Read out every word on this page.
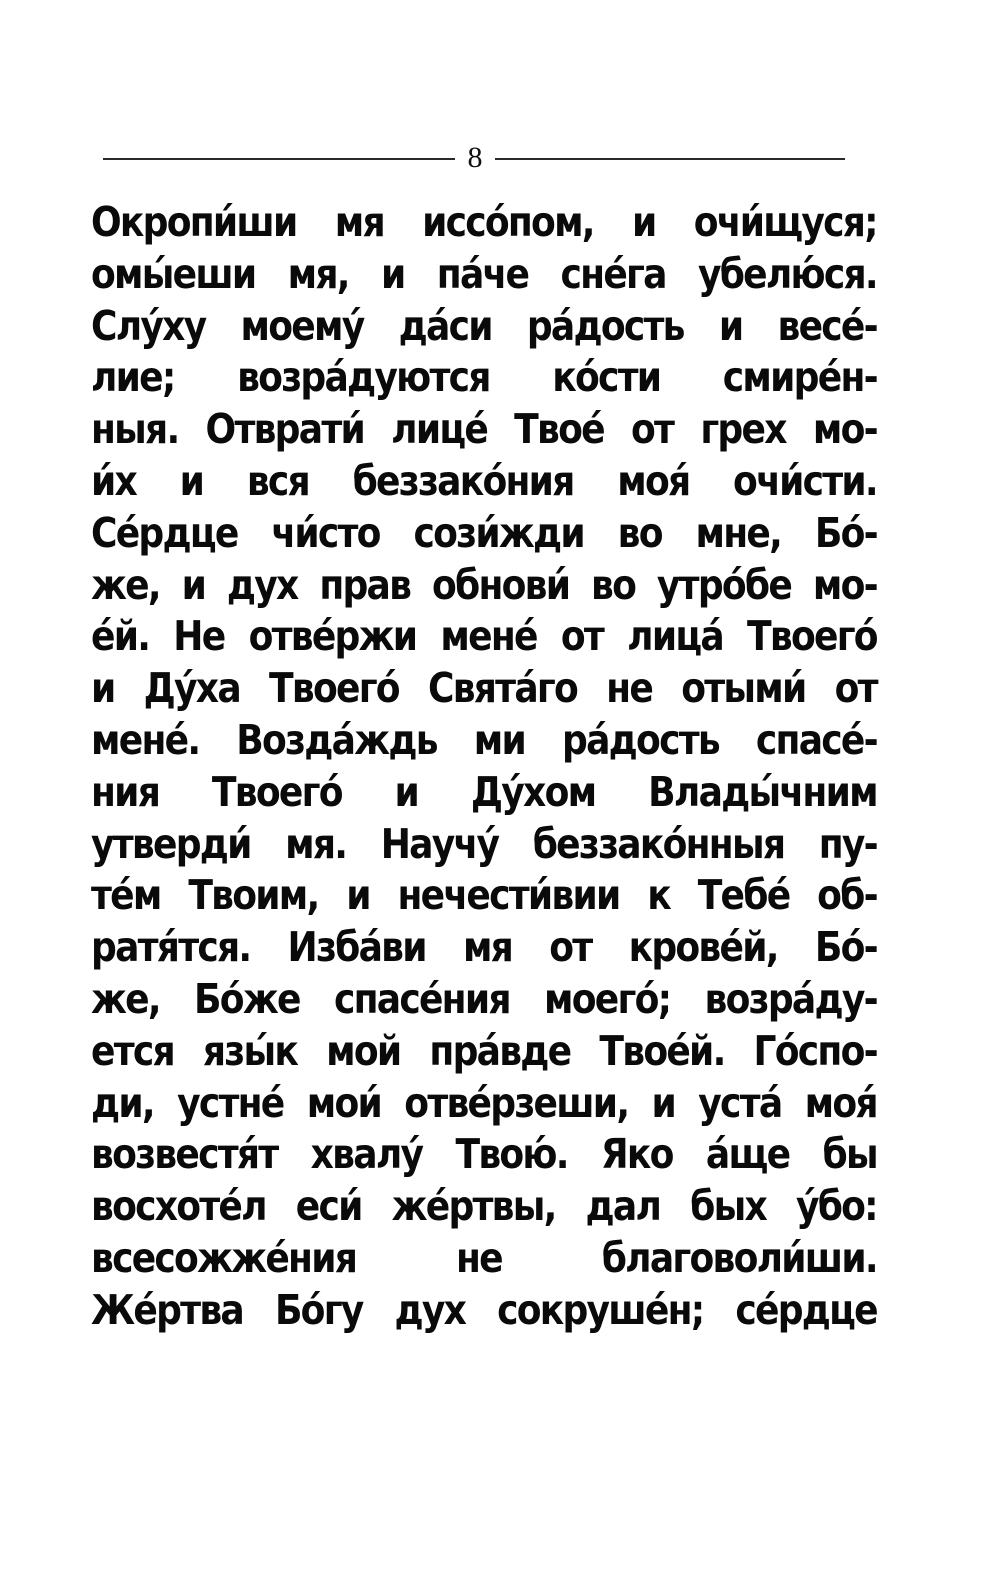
8
Окропи́ши мя иссо́пом, и очи́щуся;
омы́еши мя, и па́че сне́га убелю́ся.
Слу́ху моему́ да́си ра́дость и весе́-
лие; возра́дуются ко́сти смире́н-
ныя. Отврати́ лице́ Твое́ от грех мо-
и́х и вся беззако́ния моя́ очи́сти.
Се́рдце чи́сто сози́жди во мне, Бо́-
же, и дух прав обнови́ во утро́бе мо-
е́й. Не отве́ржи мене́ от лица́ Твоего́
и Ду́ха Твоего́ Свята́го не отыми́ от
мене́. Возда́ждь ми ра́дость спасе́-
ния Твоего́ и Ду́хом Влады́чним
утверди́ мя. Научу́ беззако́нныя пу-
те́м Твоим, и нечести́вии к Тебе́ об-
ратя́тся. Изба́ви мя от крове́й, Бо́-
же, Бо́же спасе́ния моего́; возра́ду-
ется язы́к мой пра́вде Твое́й. Го́спо-
ди, устне́ мои́ отве́рзеши, и уста́ моя́
возвестя́т хвалу́ Твою́. Яко а́ще бы
восхоте́л еси́ же́ртвы, дал быx у́бо:
всесожже́ния не благоволи́ши.
Же́ртва Бо́гу дух сокруше́н; се́рдце
